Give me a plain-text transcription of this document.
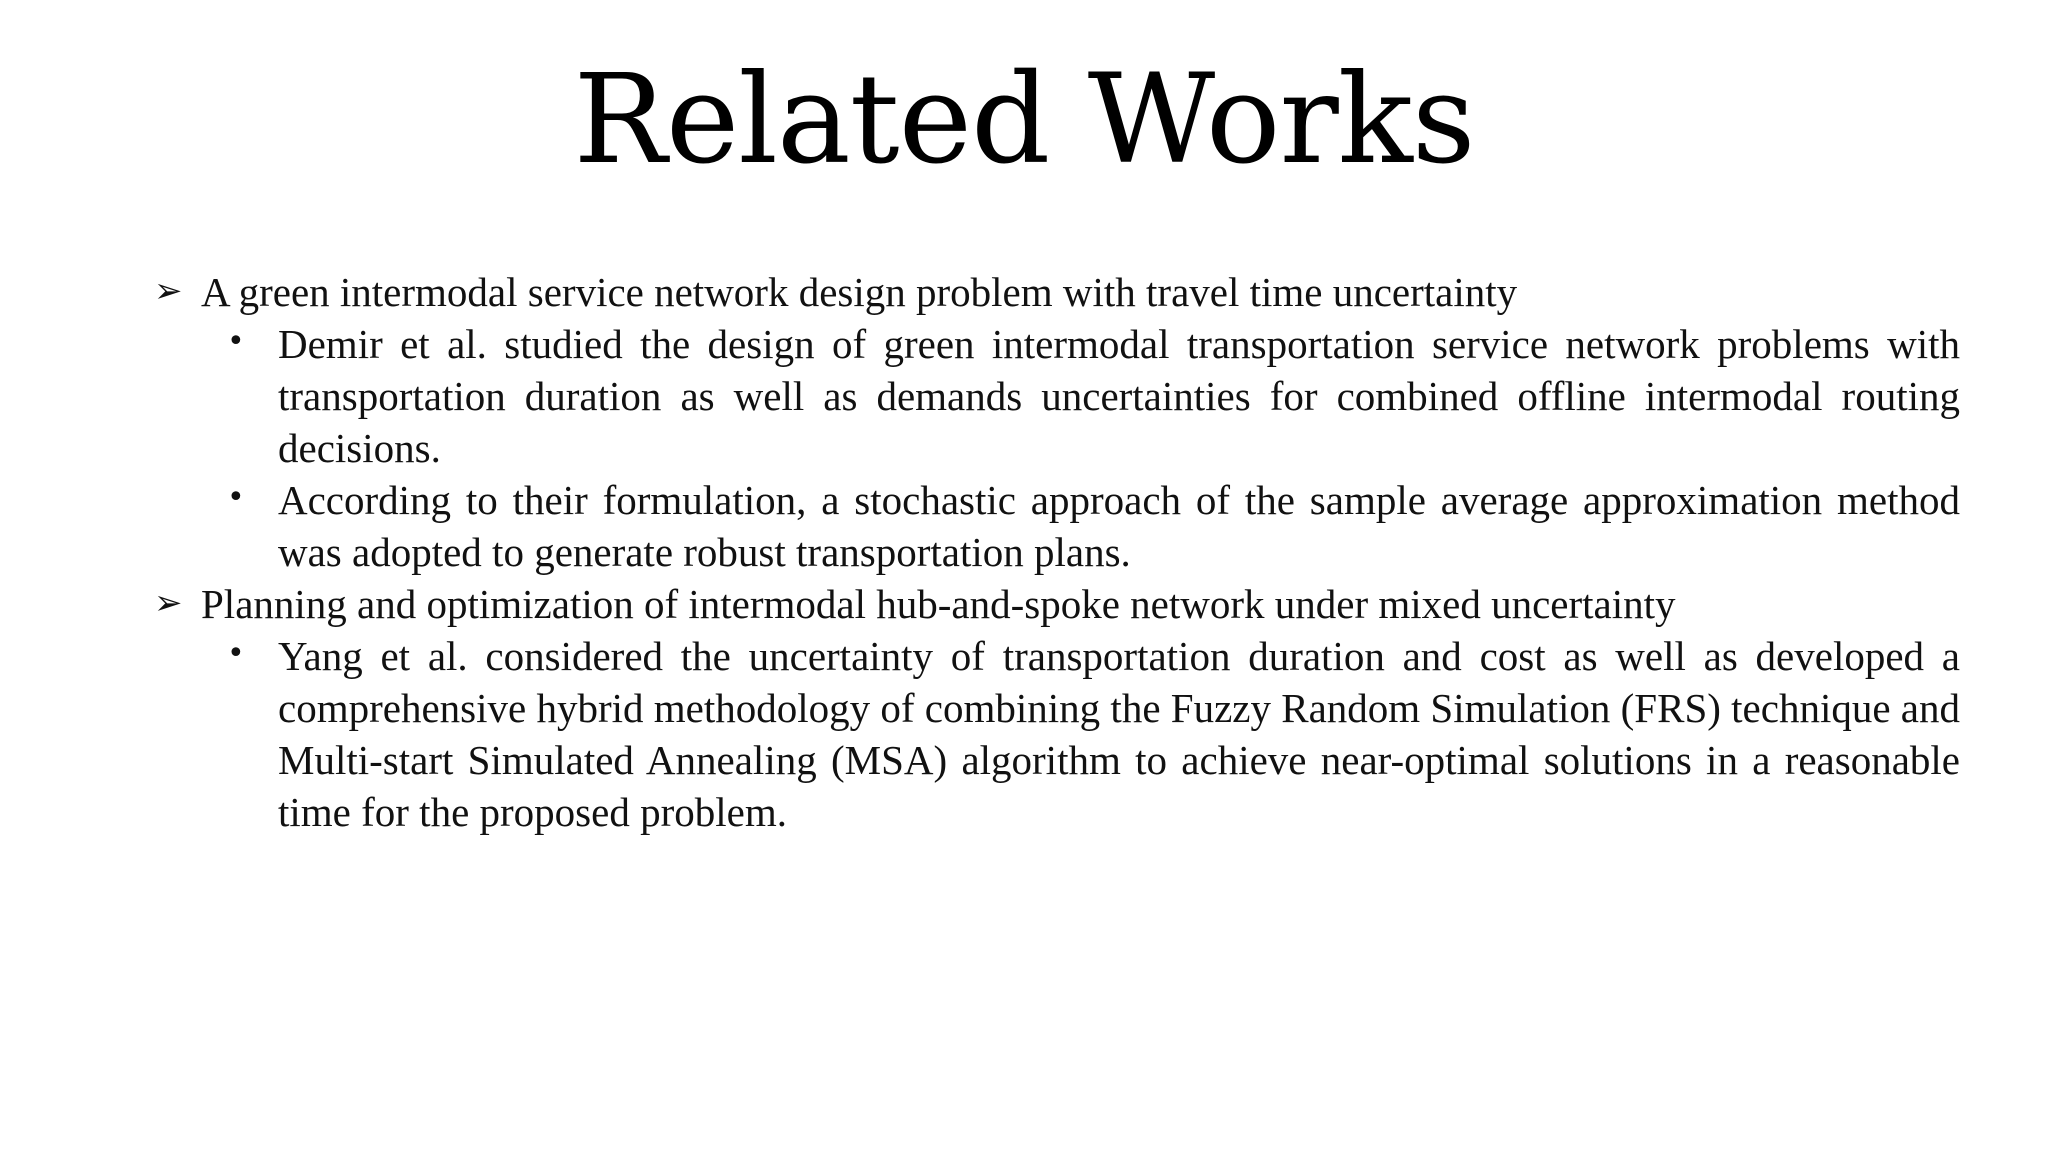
Related Works
➢ A green intermodal service network design problem with travel time uncertainty
• Demir et al. studied the design of green intermodal transportation service network problems with transportation duration as well as demands uncertainties for combined offline intermodal routing decisions.
• According to their formulation, a stochastic approach of the sample average approximation method was adopted to generate robust transportation plans.
➢ Planning and optimization of intermodal hub-and-spoke network under mixed uncertainty
• Yang et al. considered the uncertainty of transportation duration and cost as well as developed a comprehensive hybrid methodology of combining the Fuzzy Random Simulation (FRS) technique and Multi-start Simulated Annealing (MSA) algorithm to achieve near-optimal solutions in a reasonable time for the proposed problem.
